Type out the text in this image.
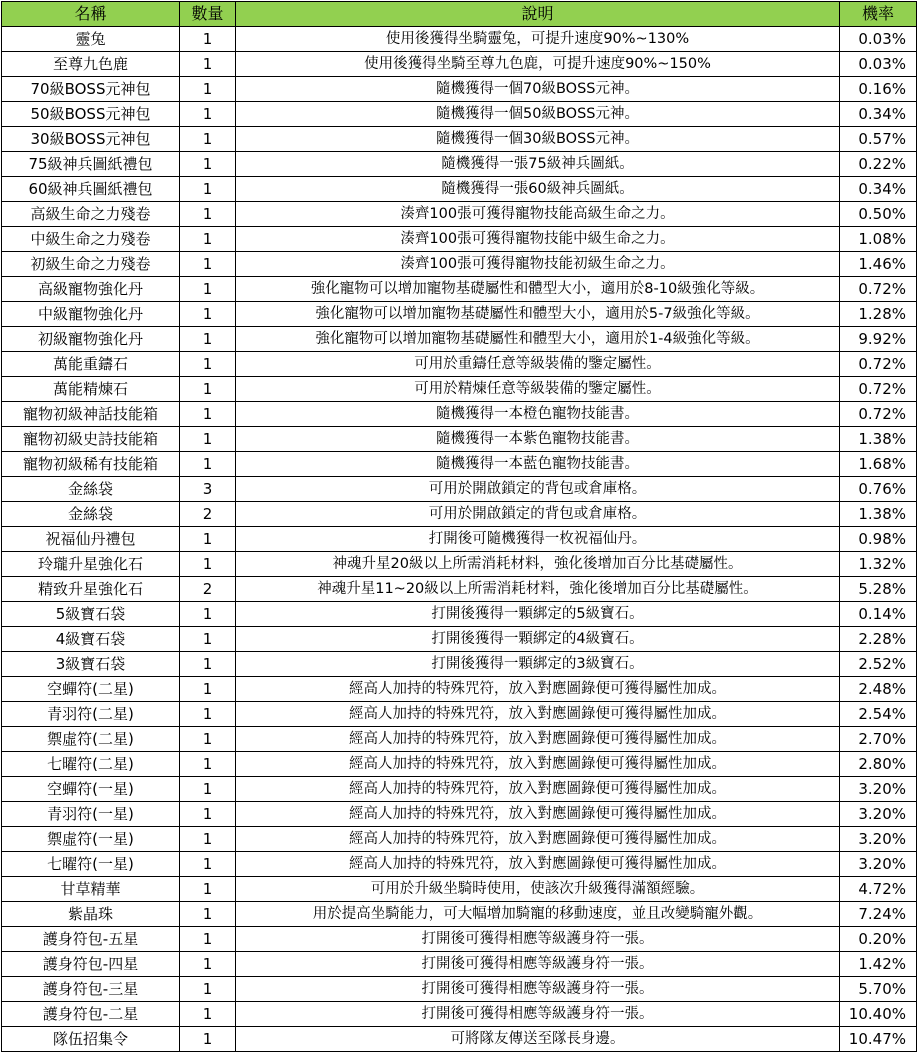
名稱	數量	說明	機率
靈兔	1	使用後獲得坐騎靈兔，可提升速度90%~130%	0.03%
至尊九色鹿	1	使用後獲得坐騎至尊九色鹿，可提升速度90%~150%	0.03%
70級BOSS元神包	1	隨機獲得一個70級BOSS元神。	0.16%
50級BOSS元神包	1	隨機獲得一個50級BOSS元神。	0.34%
30級BOSS元神包	1	隨機獲得一個30級BOSS元神。	0.57%
75級神兵圖紙禮包	1	隨機獲得一張75級神兵圖紙。	0.22%
60級神兵圖紙禮包	1	隨機獲得一張60級神兵圖紙。	0.34%
高級生命之力殘卷	1	湊齊100張可獲得寵物技能高級生命之力。	0.50%
中級生命之力殘卷	1	湊齊100張可獲得寵物技能中級生命之力。	1.08%
初級生命之力殘卷	1	湊齊100張可獲得寵物技能初級生命之力。	1.46%
高級寵物強化丹	1	強化寵物可以增加寵物基礎屬性和體型大小，適用於8-10級強化等級。	0.72%
中級寵物強化丹	1	強化寵物可以增加寵物基礎屬性和體型大小，適用於5-7級強化等級。	1.28%
初級寵物強化丹	1	強化寵物可以增加寵物基礎屬性和體型大小，適用於1-4級強化等級。	9.92%
萬能重鑄石	1	可用於重鑄任意等級裝備的鑒定屬性。	0.72%
萬能精煉石	1	可用於精煉任意等級裝備的鑒定屬性。	0.72%
寵物初級神話技能箱	1	隨機獲得一本橙色寵物技能書。	0.72%
寵物初級史詩技能箱	1	隨機獲得一本紫色寵物技能書。	1.38%
寵物初級稀有技能箱	1	隨機獲得一本藍色寵物技能書。	1.68%
金絲袋	3	可用於開啟鎖定的背包或倉庫格。	0.76%
金絲袋	2	可用於開啟鎖定的背包或倉庫格。	1.38%
祝福仙丹禮包	1	打開後可隨機獲得一枚祝福仙丹。	0.98%
玲瓏升星強化石	1	神魂升星20級以上所需消耗材料，強化後增加百分比基礎屬性。	1.32%
精致升星強化石	2	神魂升星11~20級以上所需消耗材料，強化後增加百分比基礎屬性。	5.28%
5級寶石袋	1	打開後獲得一顆綁定的5級寶石。	0.14%
4級寶石袋	1	打開後獲得一顆綁定的4級寶石。	2.28%
3級寶石袋	1	打開後獲得一顆綁定的3級寶石。	2.52%
空蟬符(二星)	1	經高人加持的特殊咒符，放入對應圖錄便可獲得屬性加成。	2.48%
青羽符(二星)	1	經高人加持的特殊咒符，放入對應圖錄便可獲得屬性加成。	2.54%
禦虛符(二星)	1	經高人加持的特殊咒符，放入對應圖錄便可獲得屬性加成。	2.70%
七曜符(二星)	1	經高人加持的特殊咒符，放入對應圖錄便可獲得屬性加成。	2.80%
空蟬符(一星)	1	經高人加持的特殊咒符，放入對應圖錄便可獲得屬性加成。	3.20%
青羽符(一星)	1	經高人加持的特殊咒符，放入對應圖錄便可獲得屬性加成。	3.20%
禦虛符(一星)	1	經高人加持的特殊咒符，放入對應圖錄便可獲得屬性加成。	3.20%
七曜符(一星)	1	經高人加持的特殊咒符，放入對應圖錄便可獲得屬性加成。	3.20%
甘草精華	1	可用於升級坐騎時使用，使該次升級獲得滿額經驗。	4.72%
紫晶珠	1	用於提高坐騎能力，可大幅增加騎寵的移動速度，並且改變騎寵外觀。	7.24%
護身符包-五星	1	打開後可獲得相應等級護身符一張。	0.20%
護身符包-四星	1	打開後可獲得相應等級護身符一張。	1.42%
護身符包-三星	1	打開後可獲得相應等級護身符一張。	5.70%
護身符包-二星	1	打開後可獲得相應等級護身符一張。	10.40%
隊伍招集令	1	可將隊友傳送至隊長身邊。	10.47%
